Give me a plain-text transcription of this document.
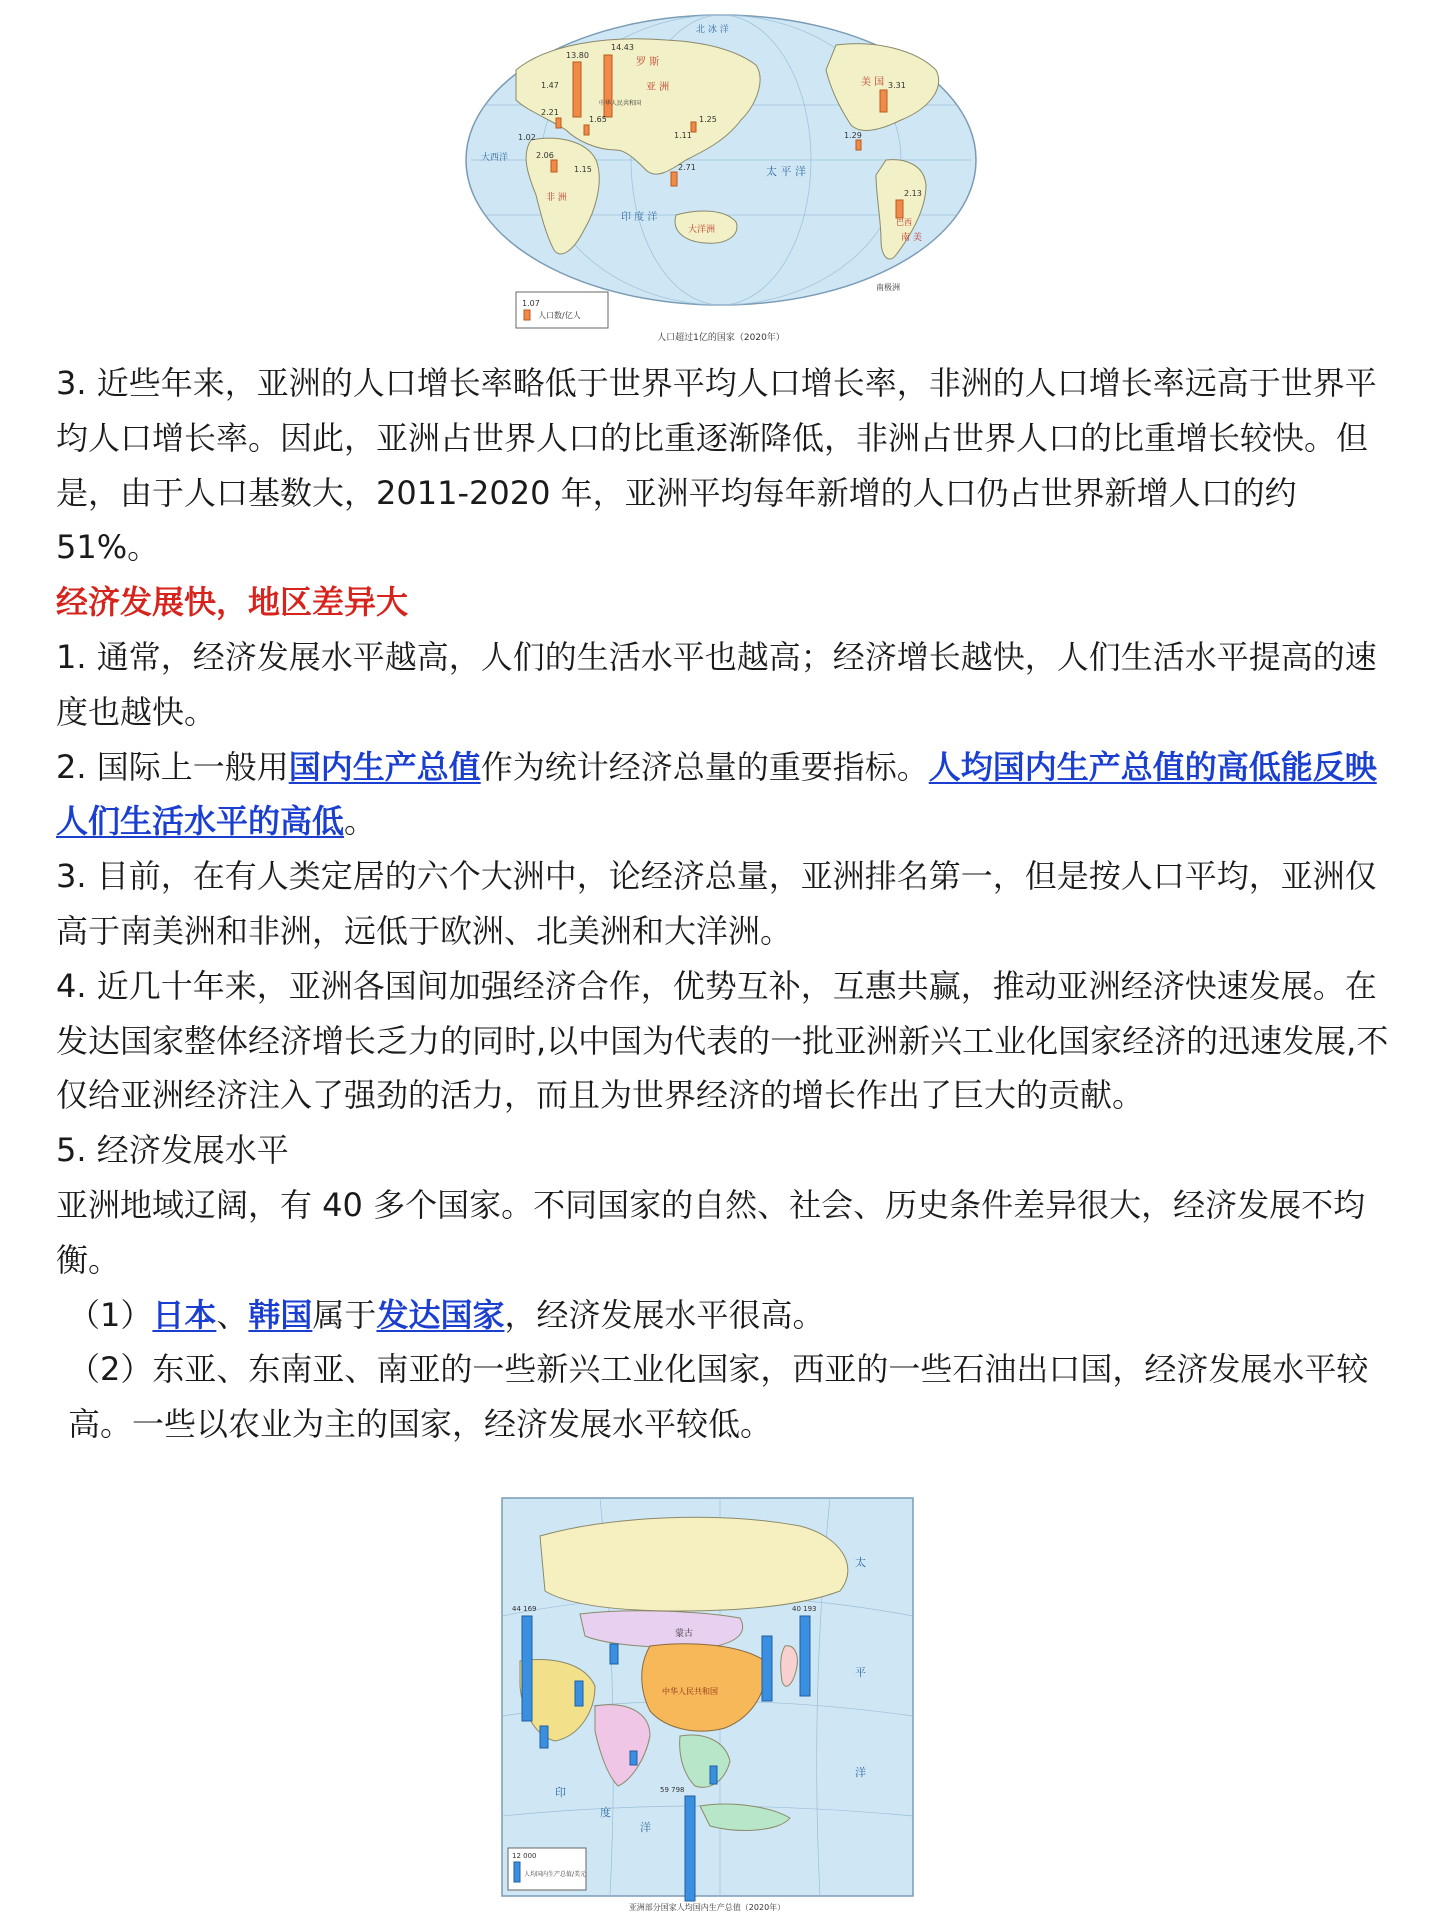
14.43
罗 斯
中华人民共和国
13.80
美 国 3.31
巴西
2.13
1.25
1.29
2.71
1.11
2.21
2.06
1.15
1.65
1.02
1.47
北 冰 洋
太 平 洋
大西洋
印 度 洋
亚 洲
非 洲
大洋洲
南 美
南极洲
1.07
人口数/亿人
人口超过1亿的国家（2020年）

3. 近些年来，亚洲的人口增长率略低于世界平均人口增长率，非洲的人口增长率远高于世界平均人口增长率。因此，亚洲占世界人口的比重逐渐降低，非洲占世界人口的比重增长较快。但是，由于人口基数大，2011-2020 年，亚洲平均每年新增的人口仍占世界新增人口的约 51%。

经济发展快，地区差异大

1. 通常，经济发展水平越高，人们的生活水平也越高；经济增长越快，人们生活水平提高的速度也越快。

2. 国际上一般用国内生产总值作为统计经济总量的重要指标。人均国内生产总值的高低能反映人们生活水平的高低。

3. 目前，在有人类定居的六个大洲中，论经济总量，亚洲排名第一，但是按人口平均，亚洲仅高于南美洲和非洲，远低于欧洲、北美洲和大洋洲。

4. 近几十年来，亚洲各国间加强经济合作，优势互补，互惠共赢，推动亚洲经济快速发展。在发达国家整体经济增长乏力的同时,以中国为代表的一批亚洲新兴工业化国家经济的迅速发展,不仅给亚洲经济注入了强劲的活力，而且为世界经济的增长作出了巨大的贡献。

5. 经济发展水平

亚洲地域辽阔，有 40 多个国家。不同国家的自然、社会、历史条件差异很大，经济发展不均衡。

（1）日本、韩国属于发达国家，经济发展水平很高。

（2）东亚、东南亚、南亚的一些新兴工业化国家，西亚的一些石油出口国，经济发展水平较高。一些以农业为主的国家，经济发展水平较低。

蒙古
中华人民共和国
44 169	40 193
59 798
太
平
洋
印
度
洋
12 000
人均国内生产总值/美元
亚洲部分国家人均国内生产总值（2020年）
